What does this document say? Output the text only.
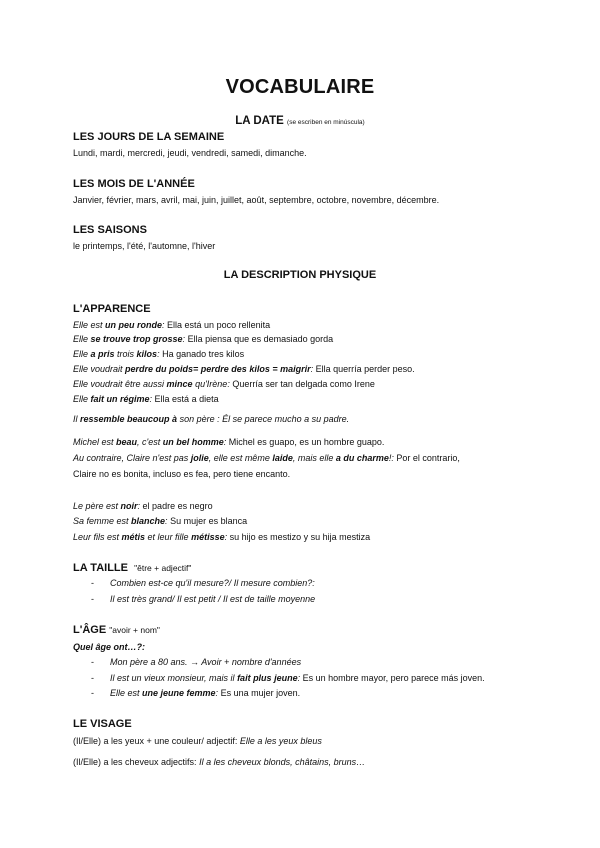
VOCABULAIRE
LA DATE (se escriben en minúscula)
LES JOURS DE LA SEMAINE
Lundi, mardi, mercredi, jeudi, vendredi, samedi, dimanche.
LES MOIS DE L'ANNÉE
Janvier, février, mars, avril, mai, juin, juillet, août, septembre, octobre, novembre, décembre.
LES SAISONS
le printemps, l'été, l'automne, l'hiver
LA DESCRIPTION PHYSIQUE
L'APPARENCE
Elle est un peu ronde: Ella está un poco rellenita
Elle se trouve trop grosse: Ella piensa que es demasiado gorda
Elle a pris trois kilos: Ha ganado tres kilos
Elle voudrait perdre du poids= perdre des kilos = maigrir: Ella querría perder peso.
Elle voudrait être aussi mince qu'Irène: Querría ser tan delgada como Irene
Elle fait un régime: Ella está a dieta
Il ressemble beaucoup à son père : Él se parece mucho a su padre.
Michel est beau, c'est un bel homme: Michel es guapo, es un hombre guapo.
Au contraire, Claire n'est pas jolie, elle est même laide, mais elle a du charme!: Por el contrario,
Claire no es bonita, incluso es fea, pero tiene encanto.
Le père est noir: el padre es negro
Sa femme est blanche: Su mujer es blanca
Leur fils est métis et leur fille métisse: su hijo es mestizo y su hija mestiza
LA TAILLE "être + adjectif"
- Combien est-ce qu'il mesure?/ Il mesure combien?:
- Il est très grand/ Il est petit / Il est de taille moyenne
L'ÂGE "avoir + nom"
Quel âge ont…?:
- Mon père a 80 ans. → Avoir + nombre d'années
- Il est un vieux monsieur, mais il fait plus jeune: Es un hombre mayor, pero parece más joven.
- Elle est une jeune femme: Es una mujer joven.
LE VISAGE
(Il/Elle) a les yeux + une couleur/ adjectif: Elle a les yeux bleus
(Il/Elle) a les cheveux adjectifs: Il a les cheveux blonds, châtains, bruns…
